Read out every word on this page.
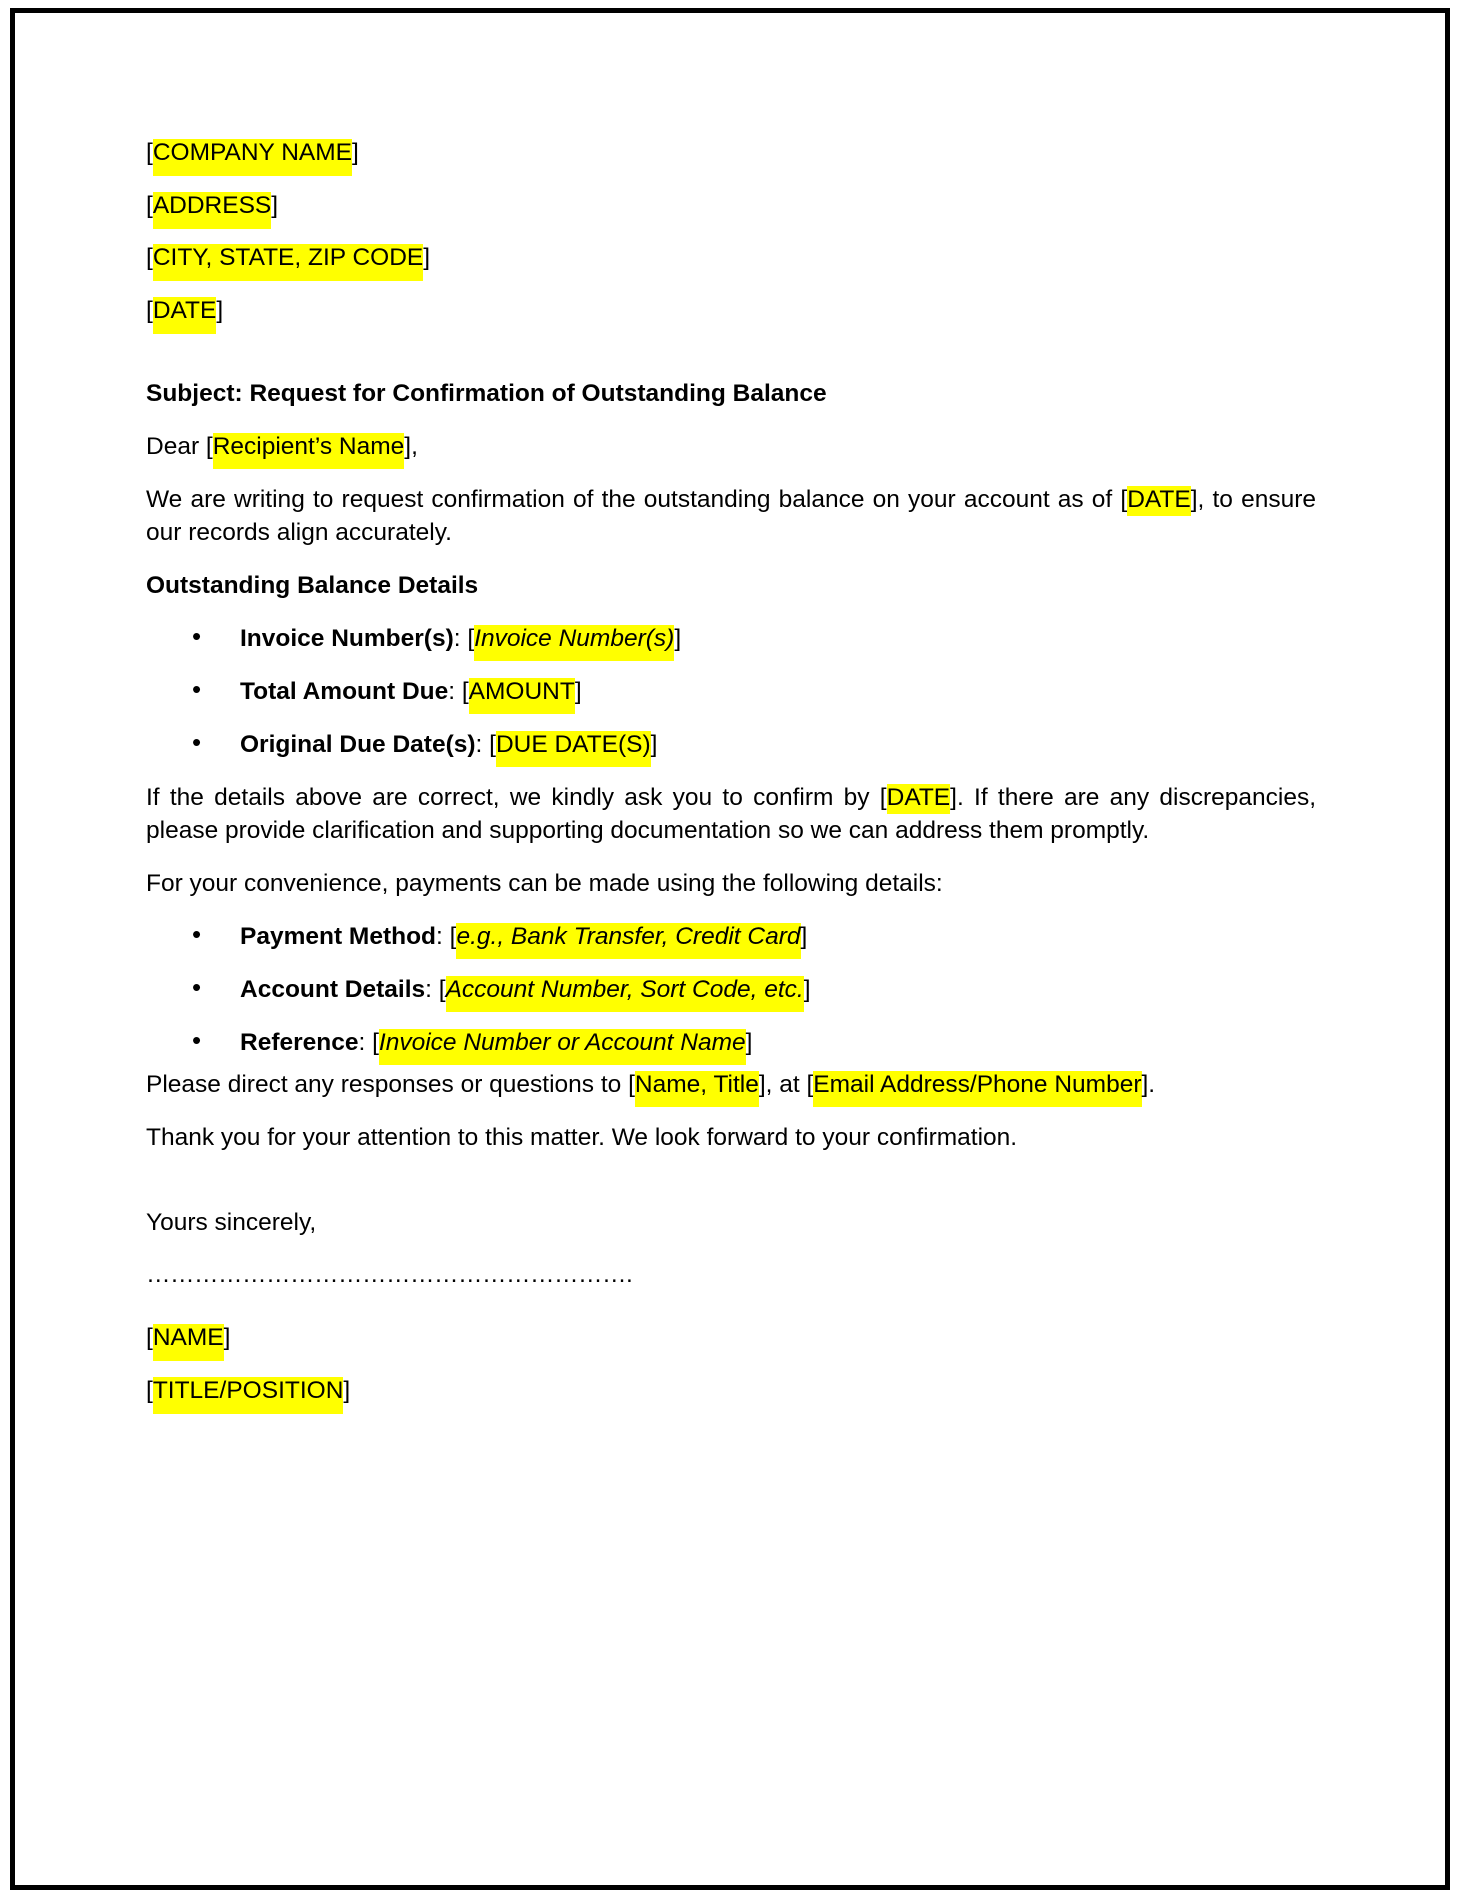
[COMPANY NAME]

[ADDRESS]

[CITY, STATE, ZIP CODE]

[DATE]

Subject: Request for Confirmation of Outstanding Balance

Dear [Recipient’s Name],

We are writing to request confirmation of the outstanding balance on your account as of [DATE], to ensure our records align accurately.

Outstanding Balance Details

• Invoice Number(s): [Invoice Number(s)]
• Total Amount Due: [AMOUNT]
• Original Due Date(s): [DUE DATE(S)]

If the details above are correct, we kindly ask you to confirm by [DATE]. If there are any discrepancies, please provide clarification and supporting documentation so we can address them promptly.

For your convenience, payments can be made using the following details:

• Payment Method: [e.g., Bank Transfer, Credit Card]
• Account Details: [Account Number, Sort Code, etc.]
• Reference: [Invoice Number or Account Name]

Please direct any responses or questions to [Name, Title], at [Email Address/Phone Number].

Thank you for your attention to this matter. We look forward to your confirmation.

Yours sincerely,

…………………………………………………….

[NAME]

[TITLE/POSITION]
